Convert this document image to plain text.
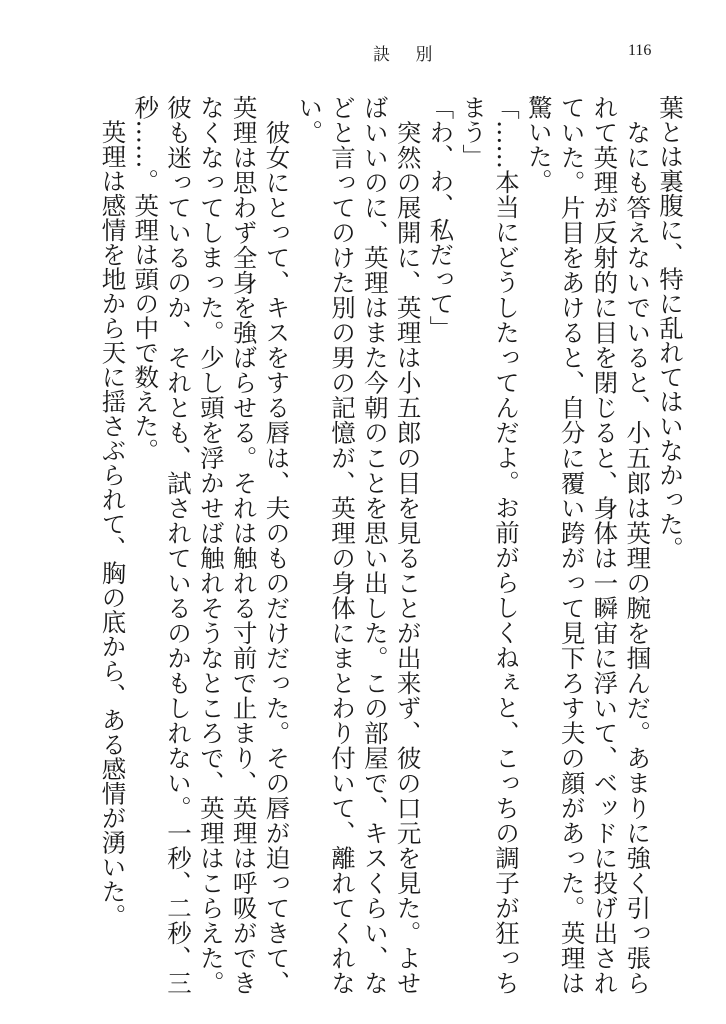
訣 別	116

葉とは裏腹に、特に乱れてはいなかった。

　なにも答えないでいると、小五郎は英理の腕を掴んだ。あまりに強く引っ張られて英理が反射的に目を閉じると、身体は一瞬宙に浮いて、ベッドに投げ出されていた。片目をあけると、自分に覆い跨がって見下ろす夫の顔があった。英理は驚いた。

「……本当にどうしたってんだよ。お前がらしくねぇと、こっちの調子が狂っちまう」

「わ、わ、私だって」

　突然の展開に、英理は小五郎の目を見ることが出来ず、彼の口元を見た。よせばいいのに、英理はまた今朝のことを思い出した。この部屋で、キスくらい、などと言ってのけた別の男の記憶が、英理の身体にまとわり付いて、離れてくれない。

　彼女にとって、キスをする唇は、夫のものだけだった。その唇が迫ってきて、英理は思わず全身を強ばらせる。それは触れる寸前で止まり、英理は呼吸ができなくなってしまった。少し頭を浮かせば触れそうなところで、英理はこらえた。彼も迷っているのか、それとも、試されているのかもしれない。一秒、二秒、三秒……。英理は頭の中で数えた。

　英理は感情を地から天に揺さぶられて、胸の底から、ある感情が湧いた。
